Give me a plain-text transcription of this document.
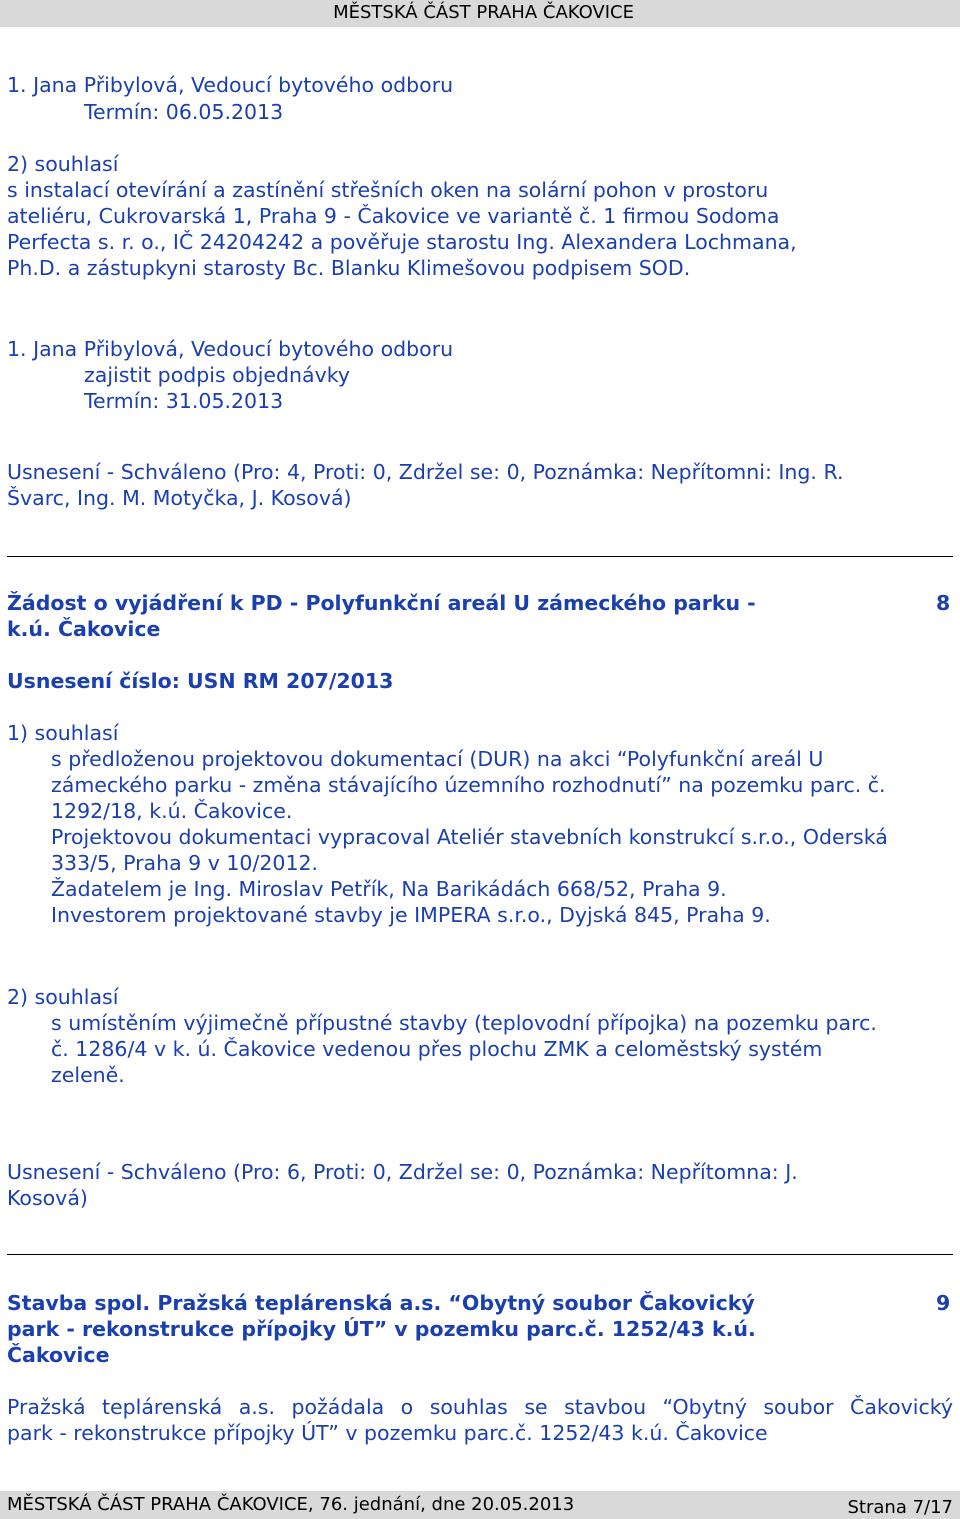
MĚSTSKÁ ČÁST PRAHA ČAKOVICE
1. Jana Přibylová, Vedoucí bytového odboru
Termín: 06.05.2013
2) souhlasí
s instalací otevírání a zastínění střešních oken na solární pohon v prostoru
ateliéru, Cukrovarská 1, Praha 9 - Čakovice ve variantě č. 1 firmou Sodoma
Perfecta s. r. o., IČ 24204242 a pověřuje starostu Ing. Alexandera Lochmana,
Ph.D. a zástupkyni starosty Bc. Blanku Klimešovou podpisem SOD.
1. Jana Přibylová, Vedoucí bytového odboru
zajistit podpis objednávky
Termín: 31.05.2013
Usnesení - Schváleno (Pro: 4, Proti: 0, Zdržel se: 0, Poznámka: Nepřítomni: Ing. R.
Švarc, Ing. M. Motyčka, J. Kosová)
Žádost o vyjádření k PD - Polyfunkční areál U zámeckého parku -
k.ú. Čakovice
8
Usnesení číslo: USN RM 207/2013
1) souhlasí
s předloženou projektovou dokumentací (DUR) na akci “Polyfunkční areál U
zámeckého parku - změna stávajícího územního rozhodnutí” na pozemku parc. č.
1292/18, k.ú. Čakovice.
Projektovou dokumentaci vypracoval Ateliér stavebních konstrukcí s.r.o., Oderská
333/5, Praha 9 v 10/2012.
Žadatelem je Ing. Miroslav Petřík, Na Barikádách 668/52, Praha 9.
Investorem projektované stavby je IMPERA s.r.o., Dyjská 845, Praha 9.
2) souhlasí
s umístěním výjimečně přípustné stavby (teplovodní přípojka) na pozemku parc.
č. 1286/4 v k. ú. Čakovice vedenou přes plochu ZMK a celoměstský systém
zeleně.
Usnesení - Schváleno (Pro: 6, Proti: 0, Zdržel se: 0, Poznámka: Nepřítomna: J.
Kosová)
Stavba spol. Pražská teplárenská a.s. “Obytný soubor Čakovický
park - rekonstrukce přípojky ÚT” v pozemku parc.č. 1252/43 k.ú.
Čakovice
9
Pražská teplárenská a.s. požádala o souhlas se stavbou “Obytný soubor Čakovický
park - rekonstrukce přípojky ÚT” v pozemku parc.č. 1252/43 k.ú. Čakovice
MĚSTSKÁ ČÁST PRAHA ČAKOVICE, 76. jednání, dne 20.05.2013	Strana 7/17
